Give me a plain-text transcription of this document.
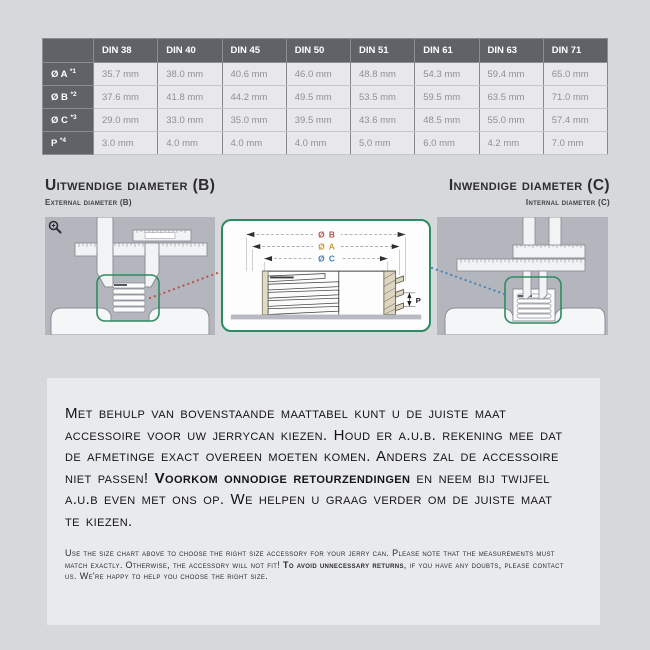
	DIN 38	DIN 40	DIN 45	DIN 50	DIN 51	DIN 61	DIN 63	DIN 71
Ø A $^{*1}$	35.7 mm	38.0 mm	40.6 mm	46.0 mm	48.8 mm	54.3 mm	59.4 mm	65.0 mm
Ø B $^{*2}$	37.6 mm	41.8 mm	44.2 mm	49.5 mm	53.5 mm	59.5 mm	63.5 mm	71.0 mm
Ø C $^{*3}$	29.0 mm	33.0 mm	35.0 mm	39.5 mm	43.6 mm	48.5 mm	55.0 mm	57.4 mm
P $^{*4}$	3.0 mm	4.0 mm	4.0 mm	4.0 mm	5.0 mm	6.0 mm	4.2 mm	7.0 mm
Uitwendige diameter (B)
External diameter (B)
Inwendige diameter (C)
Internal diameter (C)
Ø B
Ø A
Ø C
P

Met behulp van bovenstaande maattabel kunt u de juiste maat accessoire voor uw jerrycan kiezen. Houd er a.u.b. rekening mee dat de afmetinge exact overeen moeten komen. Anders zal de accessoire niet passen! Voorkom onnodige retourzendingen en neem bij twijfel a.u.b even met ons op. We helpen u graag verder om de juiste maat te kiezen.

Use the size chart above to choose the right size accessory for your jerry can. Please note that the measurements must match exactly. Otherwise, the accessory will not fit! To avoid unnecessary returns, if you have any doubts, please contact us. We're happy to help you choose the right size.
